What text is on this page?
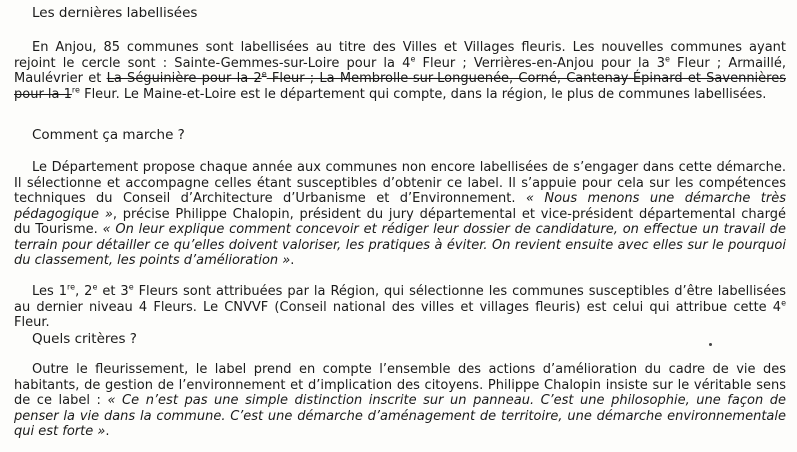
Les dernières labellisées

En Anjou, 85 communes sont labellisées au titre des Villes et Villages fleuris. Les nouvelles communes ayant rejoint le cercle sont : Sainte-Gemmes-sur-Loire pour la 4e Fleur ; Verrières-en-Anjou pour la 3e Fleur ; Armaillé, Maulévrier et La Séguinière pour la 2e Fleur ; La Membrolle-sur-Longuenée, Corné, Cantenay-Épinard et Savennières pour la 1re Fleur. Le Maine-et-Loire est le département qui compte, dans la région, le plus de communes labellisées.

Comment ça marche ?

Le Département propose chaque année aux communes non encore labellisées de s’engager dans cette démarche. Il sélectionne et accompagne celles étant susceptibles d’obtenir ce label. Il s’appuie pour cela sur les compétences techniques du Conseil d’Architecture d’Urbanisme et d’Environnement. « Nous menons une démarche très pédagogique », précise Philippe Chalopin, président du jury départemental et vice-président départemental chargé du Tourisme. « On leur explique comment concevoir et rédiger leur dossier de candidature, on effectue un travail de terrain pour détailler ce qu’elles doivent valoriser, les pratiques à éviter. On revient ensuite avec elles sur le pourquoi du classement, les points d’amélioration ».

Les 1re, 2e et 3e Fleurs sont attribuées par la Région, qui sélectionne les communes susceptibles d’être labellisées au dernier niveau 4 Fleurs. Le CNVVF (Conseil national des villes et villages fleuris) est celui qui attribue cette 4e Fleur.

Quels critères ?

Outre le fleurissement, le label prend en compte l’ensemble des actions d’amélioration du cadre de vie des habitants, de gestion de l’environnement et d’implication des citoyens. Philippe Chalopin insiste sur le véritable sens de ce label : « Ce n’est pas une simple distinction inscrite sur un panneau. C’est une philosophie, une façon de penser la vie dans la commune. C’est une démarche d’aménagement de territoire, une démarche environnementale qui est forte ».
